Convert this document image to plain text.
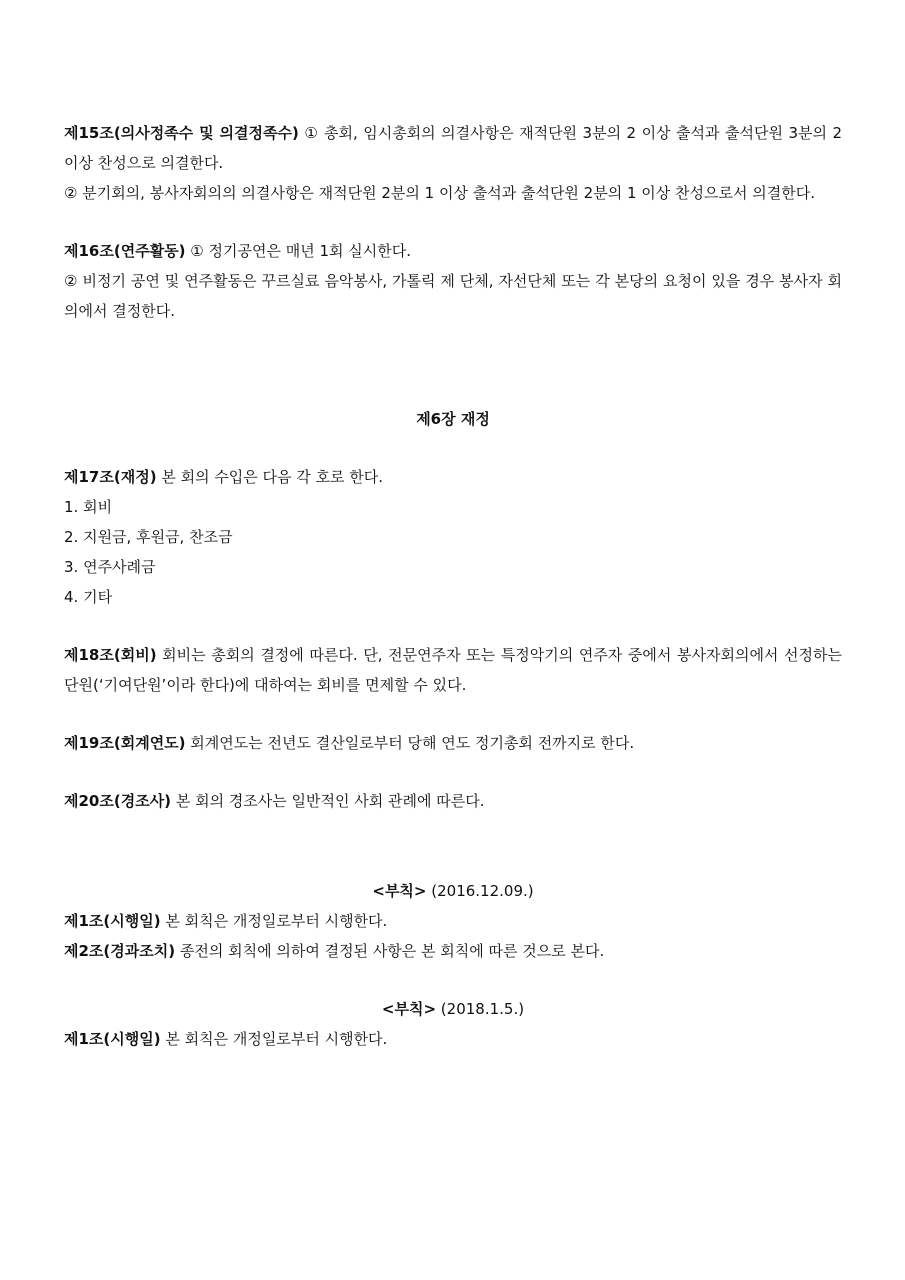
제15조(의사정족수 및 의결정족수) ① 총회, 임시총회의 의결사항은 재적단원 3분의 2 이상 출석과 출석단원 3분의 2 이상 찬성으로 의결한다.

② 분기회의, 봉사자회의의 의결사항은 재적단원 2분의 1 이상 출석과 출석단원 2분의 1 이상 찬성으로서 의결한다.

제16조(연주활동) ① 정기공연은 매년 1회 실시한다.

② 비정기 공연 및 연주활동은 꾸르실료 음악봉사, 가톨릭 제 단체, 자선단체 또는 각 본당의 요청이 있을 경우 봉사자 회의에서 결정한다.

제6장 재정

제17조(재정) 본 회의 수입은 다음 각 호로 한다.

1. 회비

2. 지원금, 후원금, 찬조금

3. 연주사례금

4. 기타

제18조(회비) 회비는 총회의 결정에 따른다. 단, 전문연주자 또는 특정악기의 연주자 중에서 봉사자회의에서 선정하는 단원(‘기여단원’이라 한다)에 대하여는 회비를 면제할 수 있다.

제19조(회계연도) 회계연도는 전년도 결산일로부터 당해 연도 정기총회 전까지로 한다.

제20조(경조사) 본 회의 경조사는 일반적인 사회 관례에 따른다.

<부칙> (2016.12.09.)

제1조(시행일) 본 회칙은 개정일로부터 시행한다.

제2조(경과조치) 종전의 회칙에 의하여 결정된 사항은 본 회칙에 따른 것으로 본다.

<부칙> (2018.1.5.)

제1조(시행일) 본 회칙은 개정일로부터 시행한다.
